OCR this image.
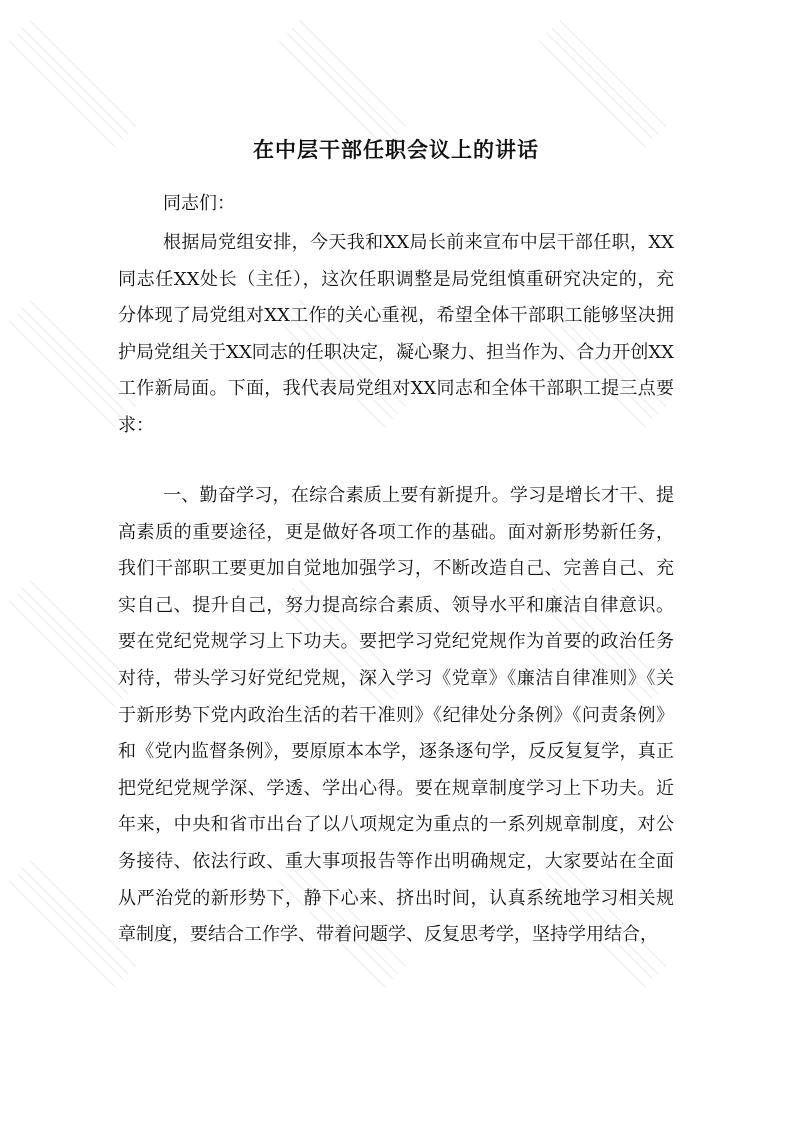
在中层干部任职会议上的讲话
同志们：
根据局党组安排，今天我和XX局长前来宣布中层干部任职，XX同志任XX处长（主任），这次任职调整是局党组慎重研究决定的，充分体现了局党组对XX工作的关心重视，希望全体干部职工能够坚决拥护局党组关于XX同志的任职决定，凝心聚力、担当作为、合力开创XX工作新局面。下面，我代表局党组对XX同志和全体干部职工提三点要求：
一、勤奋学习，在综合素质上要有新提升。学习是增长才干、提高素质的重要途径，更是做好各项工作的基础。面对新形势新任务，我们干部职工要更加自觉地加强学习，不断改造自己、完善自己、充实自己、提升自己，努力提高综合素质、领导水平和廉洁自律意识。要在党纪党规学习上下功夫。要把学习党纪党规作为首要的政治任务对待，带头学习好党纪党规，深入学习《党章》《廉洁自律准则》《关于新形势下党内政治生活的若干准则》《纪律处分条例》《问责条例》和《党内监督条例》，要原原本本学，逐条逐句学，反反复复学，真正把党纪党规学深、学透、学出心得。要在规章制度学习上下功夫。近年来，中央和省市出台了以八项规定为重点的一系列规章制度，对公务接待、依法行政、重大事项报告等作出明确规定，大家要站在全面从严治党的新形势下，静下心来、挤出时间，认真系统地学习相关规章制度，要结合工作学、带着问题学、反复思考学，坚持学用结合，
